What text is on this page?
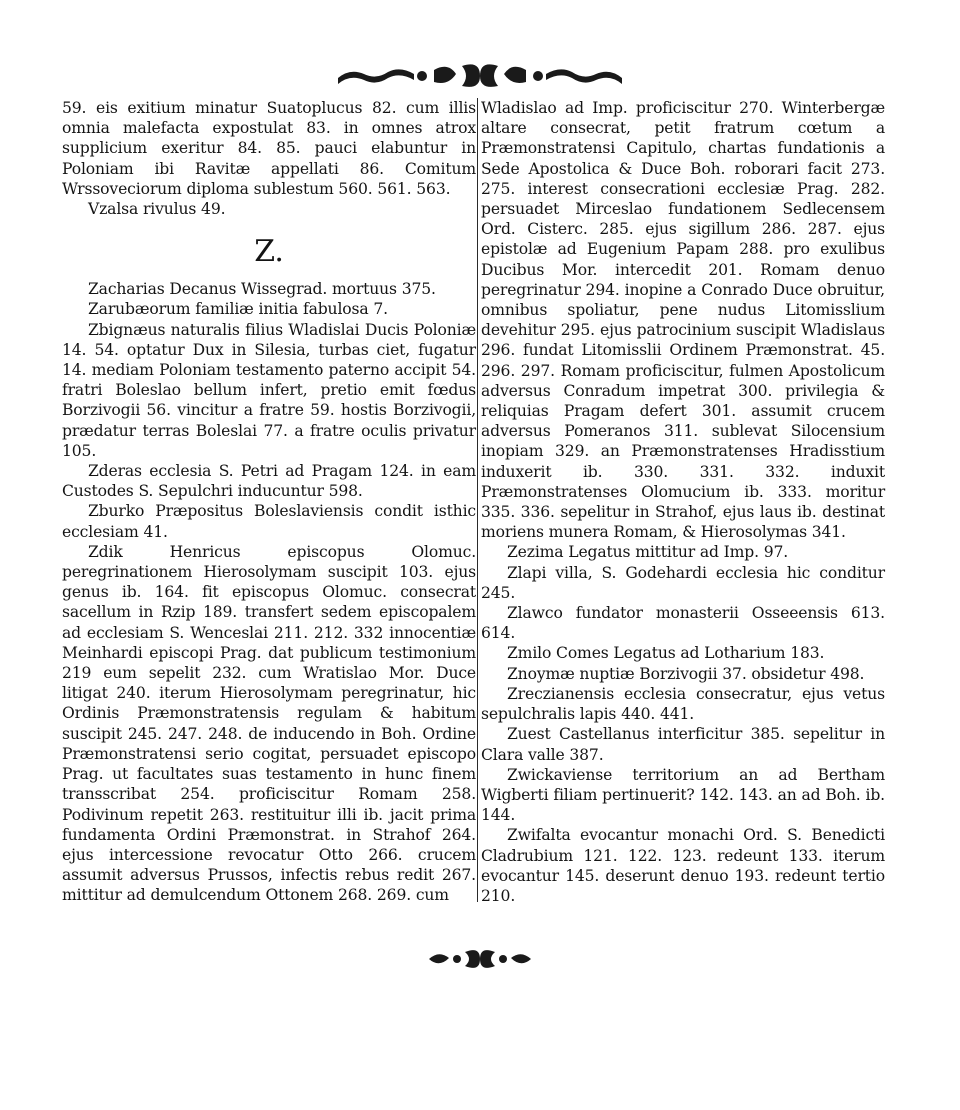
59. eis exitium minatur Suatoplucus 82. cum illis omnia malefacta expostulat 83. in omnes atrox supplicium exeritur 84. 85. pauci elabuntur in Poloniam ibi Ravitæ appellati 86. Comitum Wrssoveciorum diploma sublestum 560. 561. 563.

Vzalsa rivulus 49.

Z.

Zacharias Decanus Wissegrad. mortuus 375.

Zarubæorum familiæ initia fabulosa 7.

Zbignæus naturalis filius Wladislai Ducis Poloniæ 14. 54. optatur Dux in Silesia, turbas ciet, fugatur 14. mediam Poloniam testamento paterno accipit 54. fratri Boleslao bellum infert, pretio emit fœdus Borzivogii 56. vincitur a fratre 59. hostis Borzivogii, prædatur terras Boleslai 77. a fratre oculis privatur 105.

Zderas ecclesia S. Petri ad Pragam 124. in eam Custodes S. Sepulchri inducuntur 598.

Zburko Præpositus Boleslaviensis condit isthic ecclesiam 41.

Zdik Henricus episcopus Olomuc. peregrinationem Hierosolymam suscipit 103. ejus genus ib. 164. fit episcopus Olomuc. consecrat sacellum in Rzip 189. transfert sedem episcopalem ad ecclesiam S. Wenceslai 211. 212. 332 innocentiæ Meinhardi episcopi Prag. dat publicum testimonium 219 eum sepelit 232. cum Wratislao Mor. Duce litigat 240. iterum Hierosolymam peregrinatur, hic Ordinis Præmonstratensis regulam & habitum suscipit 245. 247. 248. de inducendo in Boh. Ordine Præmonstratensi serio cogitat, persuadet episcopo Prag. ut facultates suas testamento in hunc finem transscribat 254. proficiscitur Romam 258. Podivinum repetit 263. restituitur illi ib. jacit prima fundamenta Ordini Præmonstrat. in Strahof 264. ejus intercessione revocatur Otto 266. crucem assumit adversus Prussos, infectis rebus redit 267. mittitur ad demulcendum Ottonem 268. 269. cum

Wladislao ad Imp. proficiscitur 270. Winterbergæ altare consecrat, petit fratrum cœtum a Præmonstratensi Capitulo, chartas fundationis a Sede Apostolica & Duce Boh. roborari facit 273. 275. interest consecrationi ecclesiæ Prag. 282. persuadet Mirceslao fundationem Sedlecensem Ord. Cisterc. 285. ejus sigillum 286. 287. ejus epistolæ ad Eugenium Papam 288. pro exulibus Ducibus Mor. intercedit 201. Romam denuo peregrinatur 294. inopine a Conrado Duce obruitur, omnibus spoliatur, pene nudus Litomisslium devehitur 295. ejus patrocinium suscipit Wladislaus 296. fundat Litomisslii Ordinem Præmonstrat. 45. 296. 297. Romam proficiscitur, fulmen Apostolicum adversus Conradum impetrat 300. privilegia & reliquias Pragam defert 301. assumit crucem adversus Pomeranos 311. sublevat Silocensium inopiam 329. an Præmonstratenses Hradisstium induxerit ib. 330. 331. 332. induxit Præmonstratenses Olomucium ib. 333. moritur 335. 336. sepelitur in Strahof, ejus laus ib. destinat moriens munera Romam, & Hierosolymas 341.

Zezima Legatus mittitur ad Imp. 97.

Zlapi villa, S. Godehardi ecclesia hic conditur 245.

Zlawco fundator monasterii Osseeensis 613. 614.

Zmilo Comes Legatus ad Lotharium 183.

Znoymæ nuptiæ Borzivogii 37. obsidetur 498.

Zreczianensis ecclesia consecratur, ejus vetus sepulchralis lapis 440. 441.

Zuest Castellanus interficitur 385. sepelitur in Clara valle 387.

Zwickaviense territorium an ad Bertham Wigberti filiam pertinuerit? 142. 143. an ad Boh. ib. 144.

Zwifalta evocantur monachi Ord. S. Benedicti Cladrubium 121. 122. 123. redeunt 133. iterum evocantur 145. deserunt denuo 193. redeunt tertio 210.
